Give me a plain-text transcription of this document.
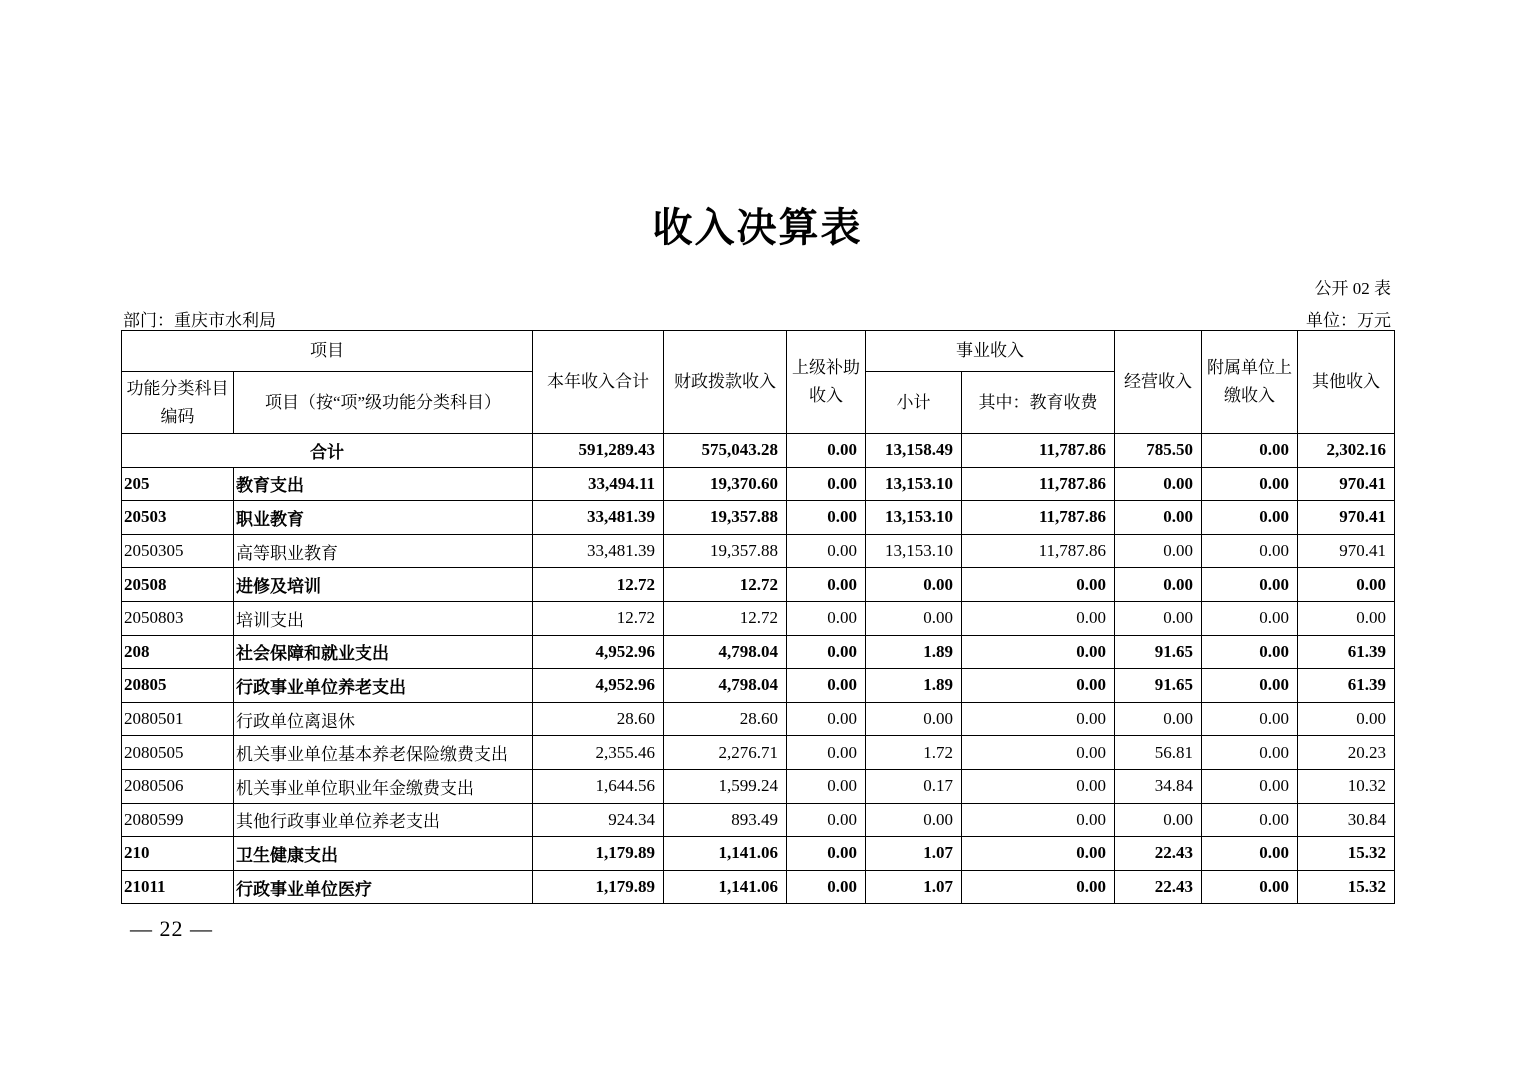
收入决算表
公开 02 表
部门：重庆市水利局	单位：万元
项目		本年收入合计	财政拨款收入	上级补助收入	事业收入		经营收入	附属单位上缴收入	其他收入
功能分类科目编码	项目（按“项”级功能分类科目）				小计	其中：教育收费			
合计		591,289.43	575,043.28	0.00	13,158.49	11,787.86	785.50	0.00	2,302.16
205	教育支出	33,494.11	19,370.60	0.00	13,153.10	11,787.86	0.00	0.00	970.41
20503	职业教育	33,481.39	19,357.88	0.00	13,153.10	11,787.86	0.00	0.00	970.41
2050305	高等职业教育	33,481.39	19,357.88	0.00	13,153.10	11,787.86	0.00	0.00	970.41
20508	进修及培训	12.72	12.72	0.00	0.00	0.00	0.00	0.00	0.00
2050803	培训支出	12.72	12.72	0.00	0.00	0.00	0.00	0.00	0.00
208	社会保障和就业支出	4,952.96	4,798.04	0.00	1.89	0.00	91.65	0.00	61.39
20805	行政事业单位养老支出	4,952.96	4,798.04	0.00	1.89	0.00	91.65	0.00	61.39
2080501	行政单位离退休	28.60	28.60	0.00	0.00	0.00	0.00	0.00	0.00
2080505	机关事业单位基本养老保险缴费支出	2,355.46	2,276.71	0.00	1.72	0.00	56.81	0.00	20.23
2080506	机关事业单位职业年金缴费支出	1,644.56	1,599.24	0.00	0.17	0.00	34.84	0.00	10.32
2080599	其他行政事业单位养老支出	924.34	893.49	0.00	0.00	0.00	0.00	0.00	30.84
210	卫生健康支出	1,179.89	1,141.06	0.00	1.07	0.00	22.43	0.00	15.32
21011	行政事业单位医疗	1,179.89	1,141.06	0.00	1.07	0.00	22.43	0.00	15.32
— 22 —
